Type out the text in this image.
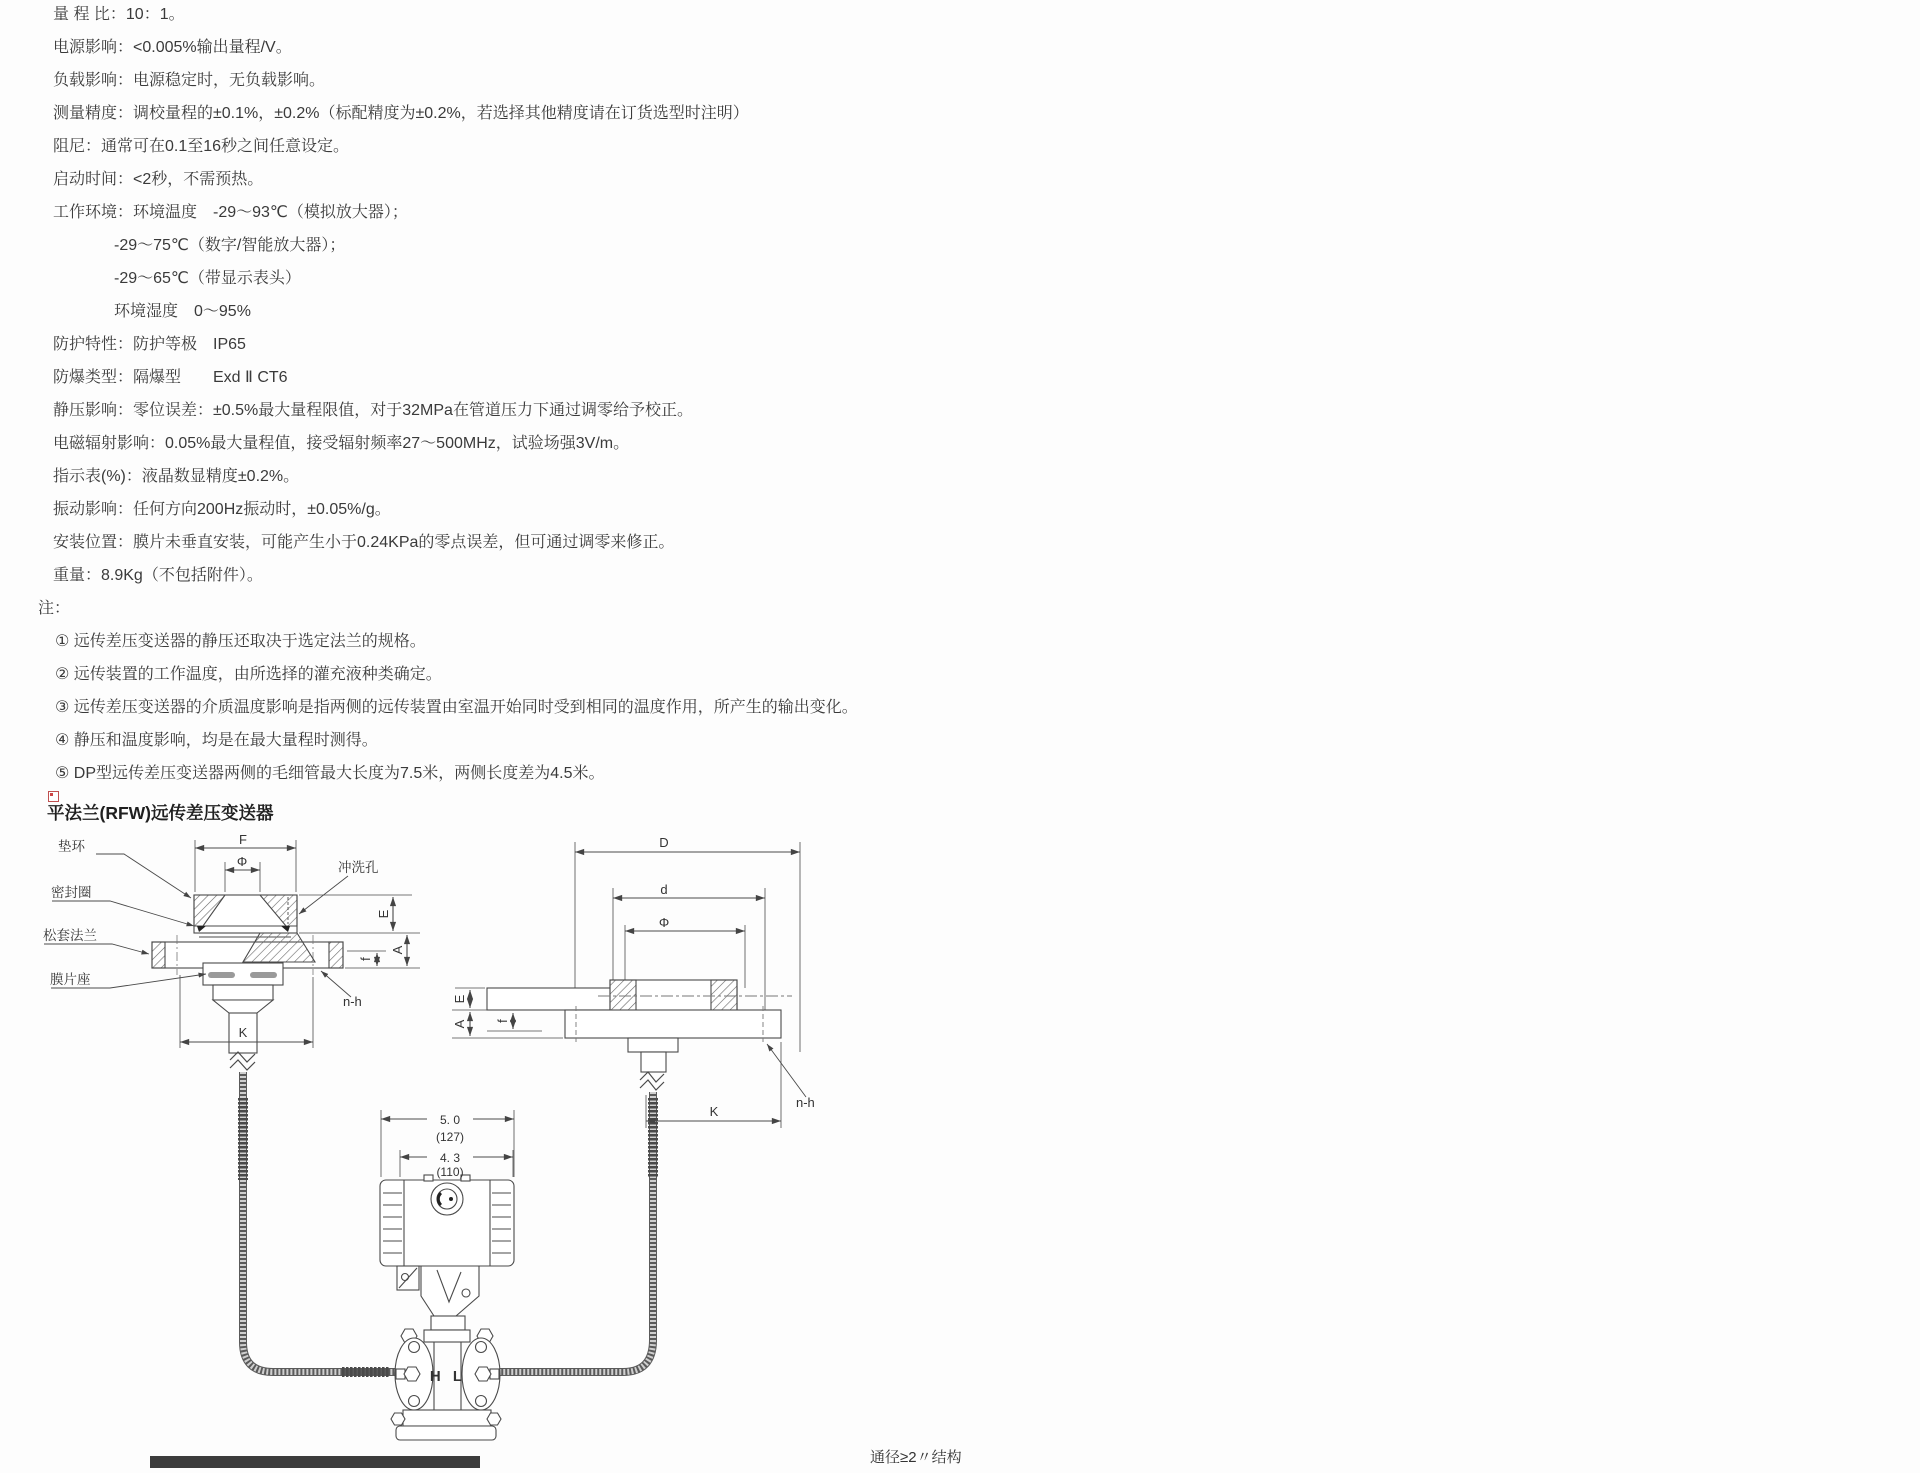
量 程 比：10：1。
电源影响：<0.005%输出量程/V。
负载影响：电源稳定时，无负载影响。
测量精度：调校量程的±0.1%，±0.2%（标配精度为±0.2%，若选择其他精度请在订货选型时注明）
阻尼：通常可在0.1至16秒之间任意设定。
启动时间：<2秒，不需预热。
工作环境：环境温度　-29～93℃（模拟放大器）；
-29～75℃（数字/智能放大器）；
-29～65℃（带显示表头）
环境湿度　0～95%
防护特性：防护等极　IP65
防爆类型：隔爆型　　Exd Ⅱ CT6
静压影响：零位误差：±0.5%最大量程限值，对于32MPa在管道压力下通过调零给予校正。
电磁辐射影响：0.05%最大量程值，接受辐射频率27～500MHz，试验场强3V/m。
指示表(%)：液晶数显精度±0.2%。
振动影响：任何方向200Hz振动时，±0.05%/g。
安装位置：膜片未垂直安装，可能产生小于0.24KPa的零点误差，但可通过调零来修正。
重量：8.9Kg（不包括附件）。
注：
① 远传差压变送器的静压还取决于选定法兰的规格。
② 远传装置的工作温度，由所选择的灌充液种类确定。
③ 远传差压变送器的介质温度影响是指两侧的远传装置由室温开始同时受到相同的温度作用，所产生的输出变化。
④ 静压和温度影响，均是在最大量程时测得。
⑤ DP型远传差压变送器两侧的毛细管最大长度为7.5米，两侧长度差为4.5米。
平法兰(RFW)远传差压变送器
垫环
密封圈
松套法兰
膜片座
冲洗孔
F
Φ
E
A
f
n-h
K
D
d
Φ
E
A f
K
n-h
5. 0
(127)
4. 3
(110)
H L
通径≥2〃结构
